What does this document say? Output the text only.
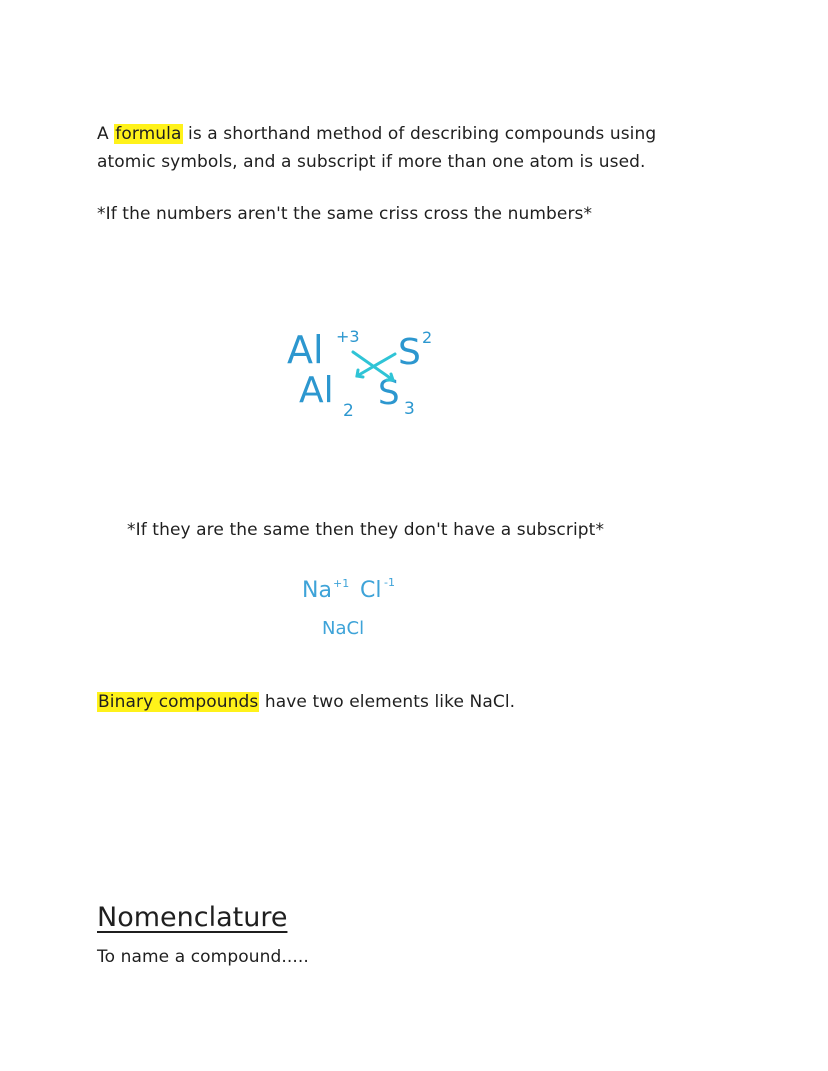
A formula is a shorthand method of describing compounds using
atomic symbols, and a subscript if more than one atom is used.
*If the numbers aren't the same criss cross the numbers*
Al +3 S 2
Al 2 S 3
*If they are the same then they don't have a subscript*
Na +1 Cl -1
NaCl
Binary compounds have two elements like NaCl.
Nomenclature
To name a compound.....
